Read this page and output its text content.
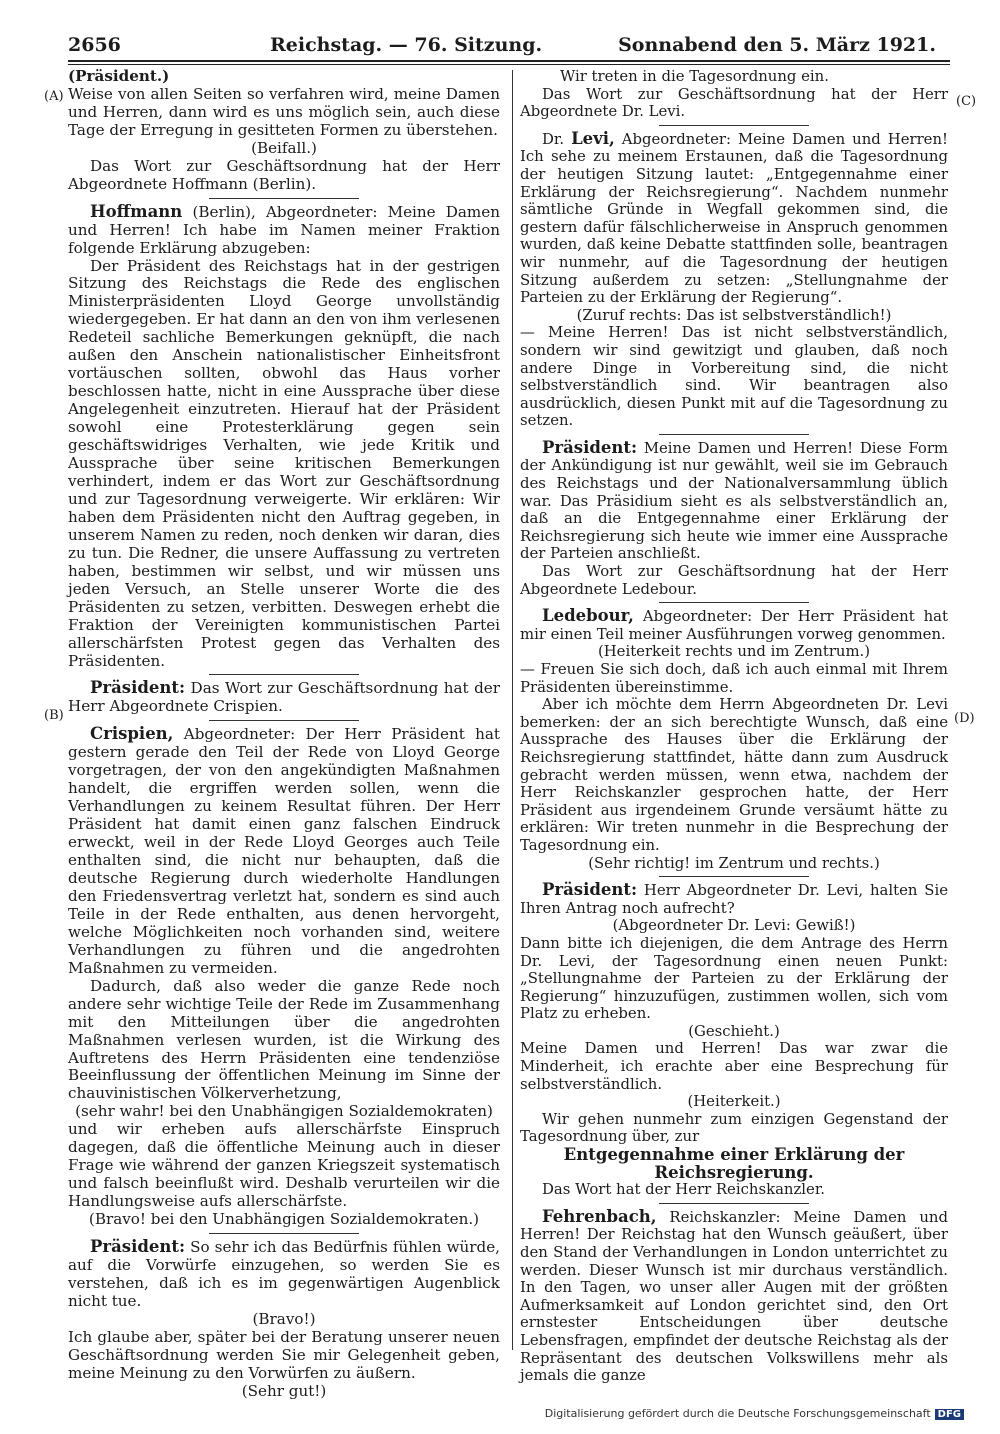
2656	Reichstag. — 76. Sitzung.	Sonnabend den 5. März 1921.
(A)
(B)
(C)
(D)

(Präsident.)

Weise von allen Seiten so verfahren wird, meine Damen und Herren, dann wird es uns möglich sein, auch diese Tage der Erregung in gesitteten Formen zu überstehen.

(Beifall.)

Das Wort zur Geschäftsordnung hat der Herr Abgeordnete Hoffmann (Berlin).

Hoffmann (Berlin), Abgeordneter: Meine Damen und Herren! Ich habe im Namen meiner Fraktion folgende Erklärung abzugeben:

Der Präsident des Reichstags hat in der gestrigen Sitzung des Reichstags die Rede des englischen Ministerpräsidenten Lloyd George unvollständig wiedergegeben. Er hat dann an den von ihm verlesenen Redeteil sachliche Bemerkungen geknüpft, die nach außen den Anschein nationalistischer Einheitsfront vortäuschen sollten, obwohl das Haus vorher beschlossen hatte, nicht in eine Aussprache über diese Angelegenheit einzutreten. Hierauf hat der Präsident sowohl eine Protesterklärung gegen sein geschäftswidriges Verhalten, wie jede Kritik und Aussprache über seine kritischen Bemerkungen verhindert, indem er das Wort zur Geschäftsordnung und zur Tagesordnung verweigerte. Wir erklären: Wir haben dem Präsidenten nicht den Auftrag gegeben, in unserem Namen zu reden, noch denken wir daran, dies zu tun. Die Redner, die unsere Auffassung zu vertreten haben, bestimmen wir selbst, und wir müssen uns jeden Versuch, an Stelle unserer Worte die des Präsidenten zu setzen, verbitten. Deswegen erhebt die Fraktion der Vereinigten kommunistischen Partei allerschärfsten Protest gegen das Verhalten des Präsidenten.

Präsident: Das Wort zur Geschäftsordnung hat der Herr Abgeordnete Crispien.

Crispien, Abgeordneter: Der Herr Präsident hat gestern gerade den Teil der Rede von Lloyd George vorgetragen, der von den angekündigten Maßnahmen handelt, die ergriffen werden sollen, wenn die Verhandlungen zu keinem Resultat führen. Der Herr Präsident hat damit einen ganz falschen Eindruck erweckt, weil in der Rede Lloyd Georges auch Teile enthalten sind, die nicht nur behaupten, daß die deutsche Regierung durch wiederholte Handlungen den Friedensvertrag verletzt hat, sondern es sind auch Teile in der Rede enthalten, aus denen hervorgeht, welche Möglichkeiten noch vorhanden sind, weitere Verhandlungen zu führen und die angedrohten Maßnahmen zu vermeiden.

Dadurch, daß also weder die ganze Rede noch andere sehr wichtige Teile der Rede im Zusammenhang mit den Mitteilungen über die angedrohten Maßnahmen verlesen wurden, ist die Wirkung des Auftretens des Herrn Präsidenten eine tendenziöse Beeinflussung der öffentlichen Meinung im Sinne der chauvinistischen Völkerverhetzung,

(sehr wahr! bei den Unabhängigen Sozialdemokraten)

und wir erheben aufs allerschärfste Einspruch dagegen, daß die öffentliche Meinung auch in dieser Frage wie während der ganzen Kriegszeit systematisch und falsch beeinflußt wird. Deshalb verurteilen wir die Handlungsweise aufs allerschärfste.

(Bravo! bei den Unabhängigen Sozialdemokraten.)

Präsident: So sehr ich das Bedürfnis fühlen würde, auf die Vorwürfe einzugehen, so werden Sie es verstehen, daß ich es im gegenwärtigen Augenblick nicht tue.

(Bravo!)

Ich glaube aber, später bei der Beratung unserer neuen Geschäftsordnung werden Sie mir Gelegenheit geben, meine Meinung zu den Vorwürfen zu äußern.

(Sehr gut!)

Wir treten in die Tagesordnung ein.

Das Wort zur Geschäftsordnung hat der Herr Abgeordnete Dr. Levi.

Dr. Levi, Abgeordneter: Meine Damen und Herren! Ich sehe zu meinem Erstaunen, daß die Tagesordnung der heutigen Sitzung lautet: „Entgegennahme einer Erklärung der Reichsregierung“. Nachdem nunmehr sämtliche Gründe in Wegfall gekommen sind, die gestern dafür fälschlicherweise in Anspruch genommen wurden, daß keine Debatte stattfinden solle, beantragen wir nunmehr, auf die Tagesordnung der heutigen Sitzung außerdem zu setzen: „Stellungnahme der Parteien zu der Erklärung der Regierung“.

(Zuruf rechts: Das ist selbstverständlich!)

— Meine Herren! Das ist nicht selbstverständlich, sondern wir sind gewitzigt und glauben, daß noch andere Dinge in Vorbereitung sind, die nicht selbstverständlich sind. Wir beantragen also ausdrücklich, diesen Punkt mit auf die Tagesordnung zu setzen.

Präsident: Meine Damen und Herren! Diese Form der Ankündigung ist nur gewählt, weil sie im Gebrauch des Reichstags und der Nationalversammlung üblich war. Das Präsidium sieht es als selbstverständlich an, daß an die Entgegennahme einer Erklärung der Reichsregierung sich heute wie immer eine Aussprache der Parteien anschließt.

Das Wort zur Geschäftsordnung hat der Herr Abgeordnete Ledebour.

Ledebour, Abgeordneter: Der Herr Präsident hat mir einen Teil meiner Ausführungen vorweg genommen.

(Heiterkeit rechts und im Zentrum.)

— Freuen Sie sich doch, daß ich auch einmal mit Ihrem Präsidenten übereinstimme.

Aber ich möchte dem Herrn Abgeordneten Dr. Levi bemerken: der an sich berechtigte Wunsch, daß eine Aussprache des Hauses über die Erklärung der Reichsregierung stattfindet, hätte dann zum Ausdruck gebracht werden müssen, wenn etwa, nachdem der Herr Reichskanzler gesprochen hatte, der Herr Präsident aus irgendeinem Grunde versäumt hätte zu erklären: Wir treten nunmehr in die Besprechung der Tagesordnung ein.

(Sehr richtig! im Zentrum und rechts.)

Präsident: Herr Abgeordneter Dr. Levi, halten Sie Ihren Antrag noch aufrecht?

(Abgeordneter Dr. Levi: Gewiß!)

Dann bitte ich diejenigen, die dem Antrage des Herrn Dr. Levi, der Tagesordnung einen neuen Punkt: „Stellungnahme der Parteien zu der Erklärung der Regierung“ hinzuzufügen, zustimmen wollen, sich vom Platz zu erheben.

(Geschieht.)

Meine Damen und Herren! Das war zwar die Minderheit, ich erachte aber eine Besprechung für selbstverständlich.

(Heiterkeit.)

Wir gehen nunmehr zum einzigen Gegenstand der Tagesordnung über, zur

Entgegennahme einer Erklärung der

Reichsregierung.

Das Wort hat der Herr Reichskanzler.

Fehrenbach, Reichskanzler: Meine Damen und Herren! Der Reichstag hat den Wunsch geäußert, über den Stand der Verhandlungen in London unterrichtet zu werden. Dieser Wunsch ist mir durchaus verständlich. In den Tagen, wo unser aller Augen mit der größten Aufmerksamkeit auf London gerichtet sind, den Ort ernstester Entscheidungen über deutsche Lebensfragen, empfindet der deutsche Reichstag als der Repräsentant des deutschen Volkswillens mehr als jemals die ganze

Digitalisierung gefördert durch die Deutsche Forschungsgemeinschaft DFG
